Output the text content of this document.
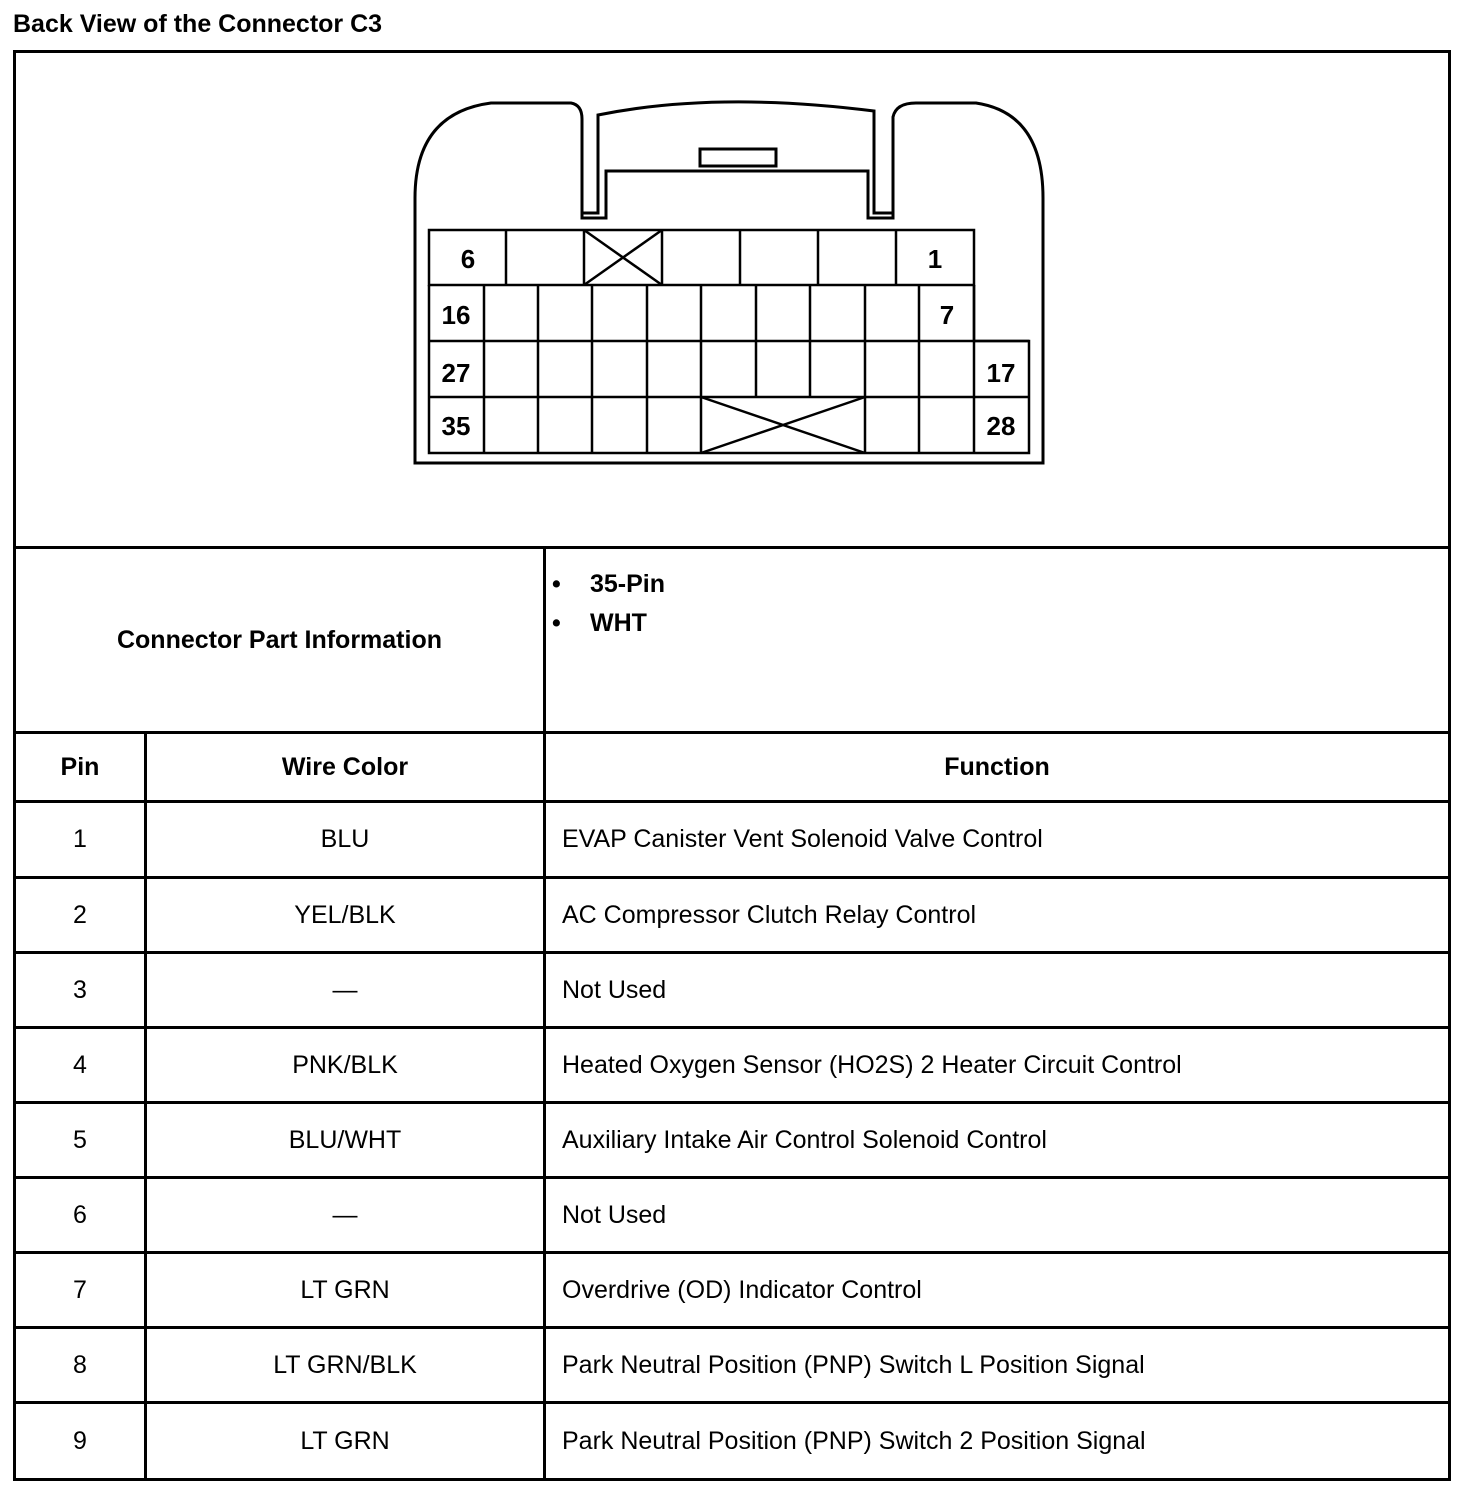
Back View of the Connector C3
6	1
16	7
27	17
35	28
Connector Part Information
•	35-Pin
•	WHT
Pin	Wire Color	Function
1	BLU	EVAP Canister Vent Solenoid Valve Control
2	YEL/BLK	AC Compressor Clutch Relay Control
3	—	Not Used
4	PNK/BLK	Heated Oxygen Sensor (HO2S) 2 Heater Circuit Control
5	BLU/WHT	Auxiliary Intake Air Control Solenoid Control
6	—	Not Used
7	LT GRN	Overdrive (OD) Indicator Control
8	LT GRN/BLK	Park Neutral Position (PNP) Switch L Position Signal
9	LT GRN	Park Neutral Position (PNP) Switch 2 Position Signal
